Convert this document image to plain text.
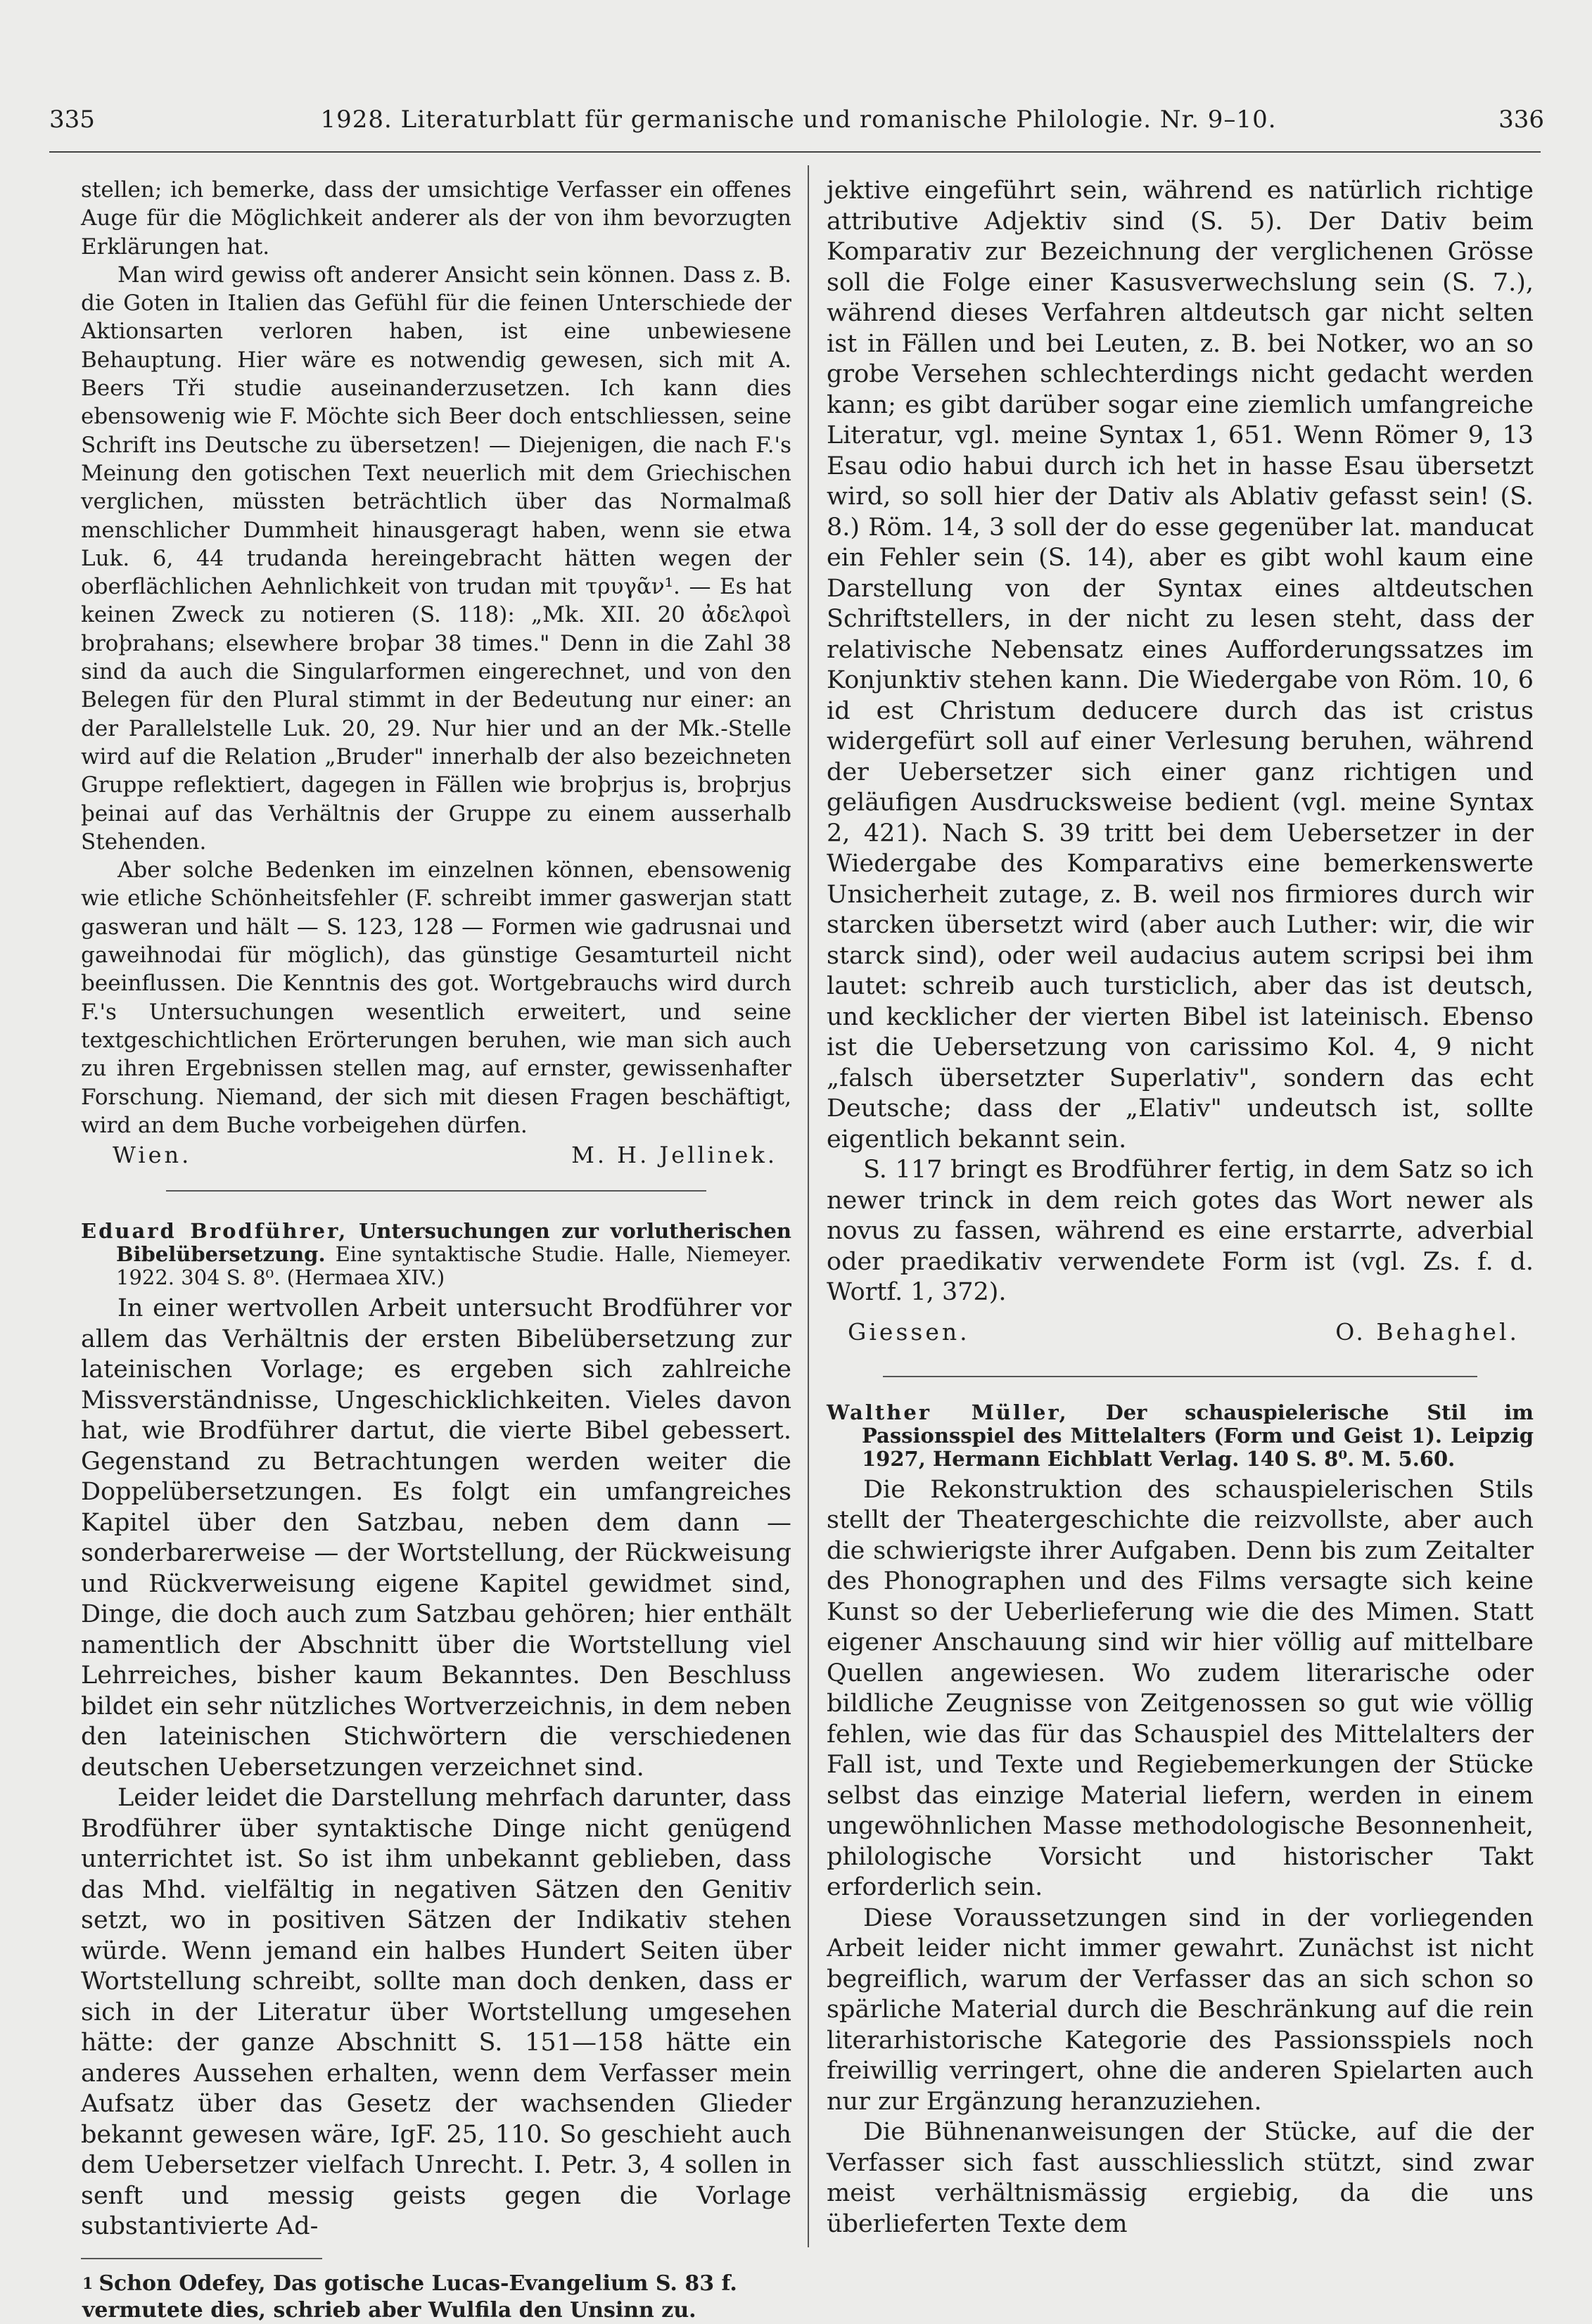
335	1928. Literaturblatt für germanische und romanische Philologie. Nr. 9–10.	336

stellen; ich bemerke, dass der umsichtige Verfasser ein offenes Auge für die Möglichkeit anderer als der von ihm bevorzugten Erklärungen hat.

Man wird gewiss oft anderer Ansicht sein können. Dass z. B. die Goten in Italien das Gefühl für die feinen Unterschiede der Aktionsarten verloren haben, ist eine unbewiesene Behauptung. Hier wäre es notwendig gewesen, sich mit A. Beers Tři studie auseinanderzusetzen. Ich kann dies ebensowenig wie F. Möchte sich Beer doch entschliessen, seine Schrift ins Deutsche zu übersetzen! — Diejenigen, die nach F.'s Meinung den gotischen Text neuerlich mit dem Griechischen verglichen, müssten beträchtlich über das Normalmaß menschlicher Dummheit hinausgeragt haben, wenn sie etwa Luk. 6, 44 trudanda hereingebracht hätten wegen der oberflächlichen Aehnlichkeit von trudan mit τρυγᾶν¹. — Es hat keinen Zweck zu notieren (S. 118): „Mk. XII. 20 ἀδελφοὶ broþrahans; elsewhere broþar 38 times." Denn in die Zahl 38 sind da auch die Singularformen eingerechnet, und von den Belegen für den Plural stimmt in der Bedeutung nur einer: an der Parallelstelle Luk. 20, 29. Nur hier und an der Mk.-Stelle wird auf die Relation „Bruder" innerhalb der also bezeichneten Gruppe reflektiert, dagegen in Fällen wie broþrjus is, broþrjus þeinai auf das Verhältnis der Gruppe zu einem ausserhalb Stehenden.

Aber solche Bedenken im einzelnen können, ebensowenig wie etliche Schönheitsfehler (F. schreibt immer gaswerjan statt gasweran und hält — S. 123, 128 — Formen wie gadrusnai und gaweihnodai für möglich), das günstige Gesamturteil nicht beeinflussen. Die Kenntnis des got. Wortgebrauchs wird durch F.'s Untersuchungen wesentlich erweitert, und seine textgeschichtlichen Erörterungen beruhen, wie man sich auch zu ihren Ergebnissen stellen mag, auf ernster, gewissenhafter Forschung. Niemand, der sich mit diesen Fragen beschäftigt, wird an dem Buche vorbeigehen dürfen.

Wien.	M. H. Jellinek.
Eduard Brodführer, Untersuchungen zur vorlutherischen Bibelübersetzung. Eine syntaktische Studie. Halle, Niemeyer. 1922. 304 S. 8⁰. (Hermaea XIV.)

In einer wertvollen Arbeit untersucht Brodführer vor allem das Verhältnis der ersten Bibelübersetzung zur lateinischen Vorlage; es ergeben sich zahlreiche Missverständnisse, Ungeschicklichkeiten. Vieles davon hat, wie Brodführer dartut, die vierte Bibel gebessert. Gegenstand zu Betrachtungen werden weiter die Doppelübersetzungen. Es folgt ein umfangreiches Kapitel über den Satzbau, neben dem dann — sonderbarerweise — der Wortstellung, der Rückweisung und Rückverweisung eigene Kapitel gewidmet sind, Dinge, die doch auch zum Satzbau gehören; hier enthält namentlich der Abschnitt über die Wortstellung viel Lehrreiches, bisher kaum Bekanntes. Den Beschluss bildet ein sehr nützliches Wortverzeichnis, in dem neben den lateinischen Stichwörtern die verschiedenen deutschen Uebersetzungen verzeichnet sind.

Leider leidet die Darstellung mehrfach darunter, dass Brodführer über syntaktische Dinge nicht genügend unterrichtet ist. So ist ihm unbekannt geblieben, dass das Mhd. vielfältig in negativen Sätzen den Genitiv setzt, wo in positiven Sätzen der Indikativ stehen würde. Wenn jemand ein halbes Hundert Seiten über Wortstellung schreibt, sollte man doch denken, dass er sich in der Literatur über Wortstellung umgesehen hätte: der ganze Abschnitt S. 151—158 hätte ein anderes Aussehen erhalten, wenn dem Verfasser mein Aufsatz über das Gesetz der wachsenden Glieder bekannt gewesen wäre, IgF. 25, 110. So geschieht auch dem Uebersetzer vielfach Unrecht. I. Petr. 3, 4 sollen in senft und messig geists gegen die Vorlage substantivierte Ad-

$^1$ Schon Odefey, Das gotische Lucas-Evangelium S. 83 f. vermutete dies, schrieb aber Wulfila den Unsinn zu.

jektive eingeführt sein, während es natürlich richtige attributive Adjektiv sind (S. 5). Der Dativ beim Komparativ zur Bezeichnung der verglichenen Grösse soll die Folge einer Kasusverwechslung sein (S. 7.), während dieses Verfahren altdeutsch gar nicht selten ist in Fällen und bei Leuten, z. B. bei Notker, wo an so grobe Versehen schlechterdings nicht gedacht werden kann; es gibt darüber sogar eine ziemlich umfangreiche Literatur, vgl. meine Syntax 1, 651. Wenn Römer 9, 13 Esau odio habui durch ich het in hasse Esau übersetzt wird, so soll hier der Dativ als Ablativ gefasst sein! (S. 8.) Röm. 14, 3 soll der do esse gegenüber lat. manducat ein Fehler sein (S. 14), aber es gibt wohl kaum eine Darstellung von der Syntax eines altdeutschen Schriftstellers, in der nicht zu lesen steht, dass der relativische Nebensatz eines Aufforderungssatzes im Konjunktiv stehen kann. Die Wiedergabe von Röm. 10, 6 id est Christum deducere durch das ist cristus widergefürt soll auf einer Verlesung beruhen, während der Uebersetzer sich einer ganz richtigen und geläufigen Ausdrucksweise bedient (vgl. meine Syntax 2, 421). Nach S. 39 tritt bei dem Uebersetzer in der Wiedergabe des Komparativs eine bemerkenswerte Unsicherheit zutage, z. B. weil nos firmiores durch wir starcken übersetzt wird (aber auch Luther: wir, die wir starck sind), oder weil audacius autem scripsi bei ihm lautet: schreib auch tursticlich, aber das ist deutsch, und kecklicher der vierten Bibel ist lateinisch. Ebenso ist die Uebersetzung von carissimo Kol. 4, 9 nicht „falsch übersetzter Superlativ", sondern das echt Deutsche; dass der „Elativ" undeutsch ist, sollte eigentlich bekannt sein.

S. 117 bringt es Brodführer fertig, in dem Satz so ich newer trinck in dem reich gotes das Wort newer als novus zu fassen, während es eine erstarrte, adverbial oder praedikativ verwendete Form ist (vgl. Zs. f. d. Wortf. 1, 372).

Giessen.	O. Behaghel.
Walther Müller, Der schauspielerische Stil im Passionsspiel des Mittelalters (Form und Geist 1). Leipzig 1927, Hermann Eichblatt Verlag. 140 S. 8⁰. M. 5.60.

Die Rekonstruktion des schauspielerischen Stils stellt der Theatergeschichte die reizvollste, aber auch die schwierigste ihrer Aufgaben. Denn bis zum Zeitalter des Phonographen und des Films versagte sich keine Kunst so der Ueberlieferung wie die des Mimen. Statt eigener Anschauung sind wir hier völlig auf mittelbare Quellen angewiesen. Wo zudem literarische oder bildliche Zeugnisse von Zeitgenossen so gut wie völlig fehlen, wie das für das Schauspiel des Mittelalters der Fall ist, und Texte und Regiebemerkungen der Stücke selbst das einzige Material liefern, werden in einem ungewöhnlichen Masse methodologische Besonnenheit, philologische Vorsicht und historischer Takt erforderlich sein.

Diese Voraussetzungen sind in der vorliegenden Arbeit leider nicht immer gewahrt. Zunächst ist nicht begreiflich, warum der Verfasser das an sich schon so spärliche Material durch die Beschränkung auf die rein literarhistorische Kategorie des Passionsspiels noch freiwillig verringert, ohne die anderen Spielarten auch nur zur Ergänzung heranzuziehen.

Die Bühnenanweisungen der Stücke, auf die der Verfasser sich fast ausschliesslich stützt, sind zwar meist verhältnismässig ergiebig, da die uns überlieferten Texte dem
